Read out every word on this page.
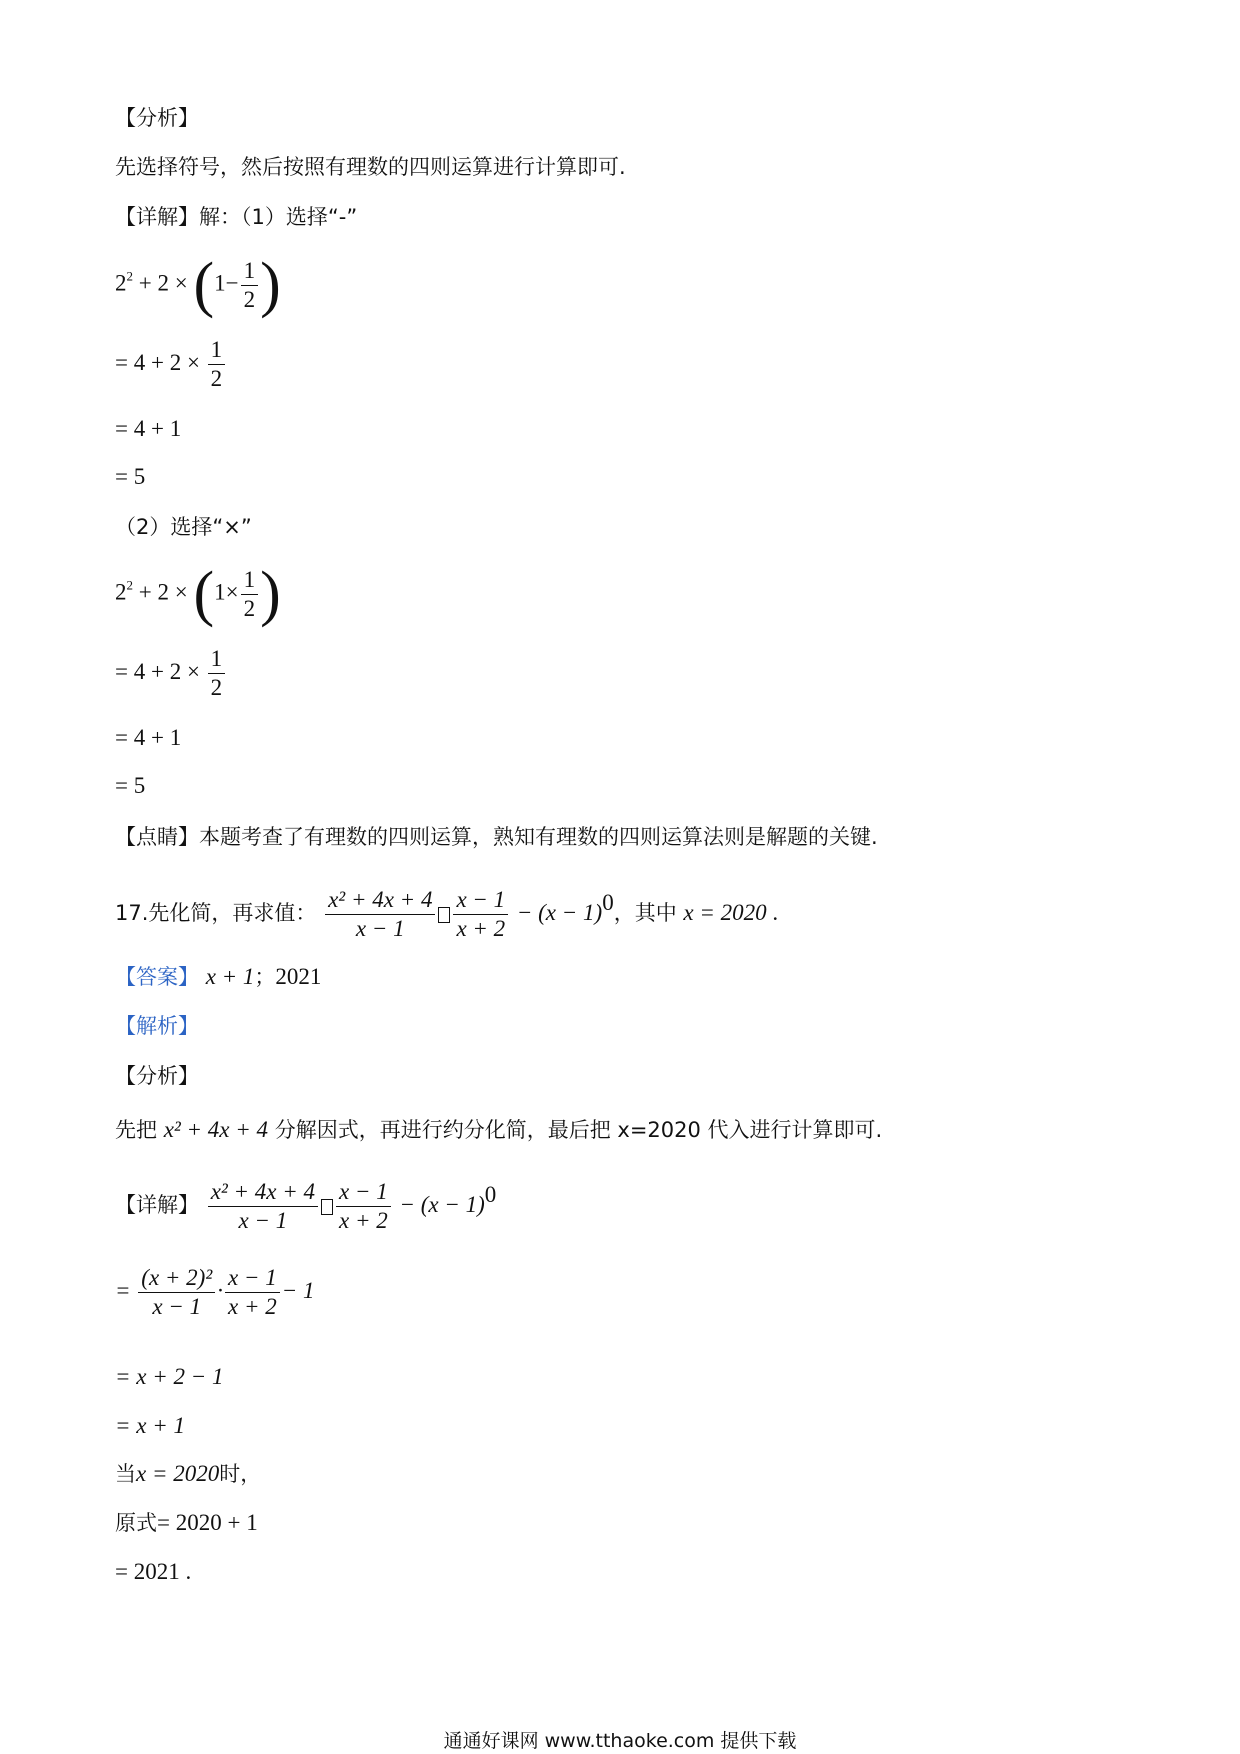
【分析】
先选择符号，然后按照有理数的四则运算进行计算即可.
【详解】解：（1）选择“-”
$2^2 + 2 \times (1- \frac{1}{2}$ )
= $4 + 2 \times \frac{1}{2}$
= 4 + 1
= 5
（2）选择“×”
$2^2 + 2 \times (1\times \frac{1}{2}$ )
= $4 + 2 \times \frac{1}{2}$
= 4 + 1
= 5
【点睛】本题考查了有理数的四则运算，熟知有理数的四则运算法则是解题的关键.
17.先化简，再求值： $\frac{\text{x² + 4x + 4}}{x - 1} \frac{x - 1}{x + 2} - (x - 1)^0$，其中 x = 2020 .
【答案】 x + 1；2021
【解析】
【分析】
先把 x² + 4x + 4 分解因式，再进行约分化简，最后把 x=2020 代入进行计算即可.
【详解】 $\frac{\text{x² + 4x + 4}}{x - 1} \frac{x - 1}{x + 2} - (x - 1)^0$
= $\frac{\text{(x + 2)²}}{x - 1} \cdot \frac{x - 1}{x + 2} - 1$
= x + 2 − 1
= x + 1
当x = 2020时，
原式= 2020 + 1
= 2021 .
通通好课网 www.tthaoke.com 提供下载
